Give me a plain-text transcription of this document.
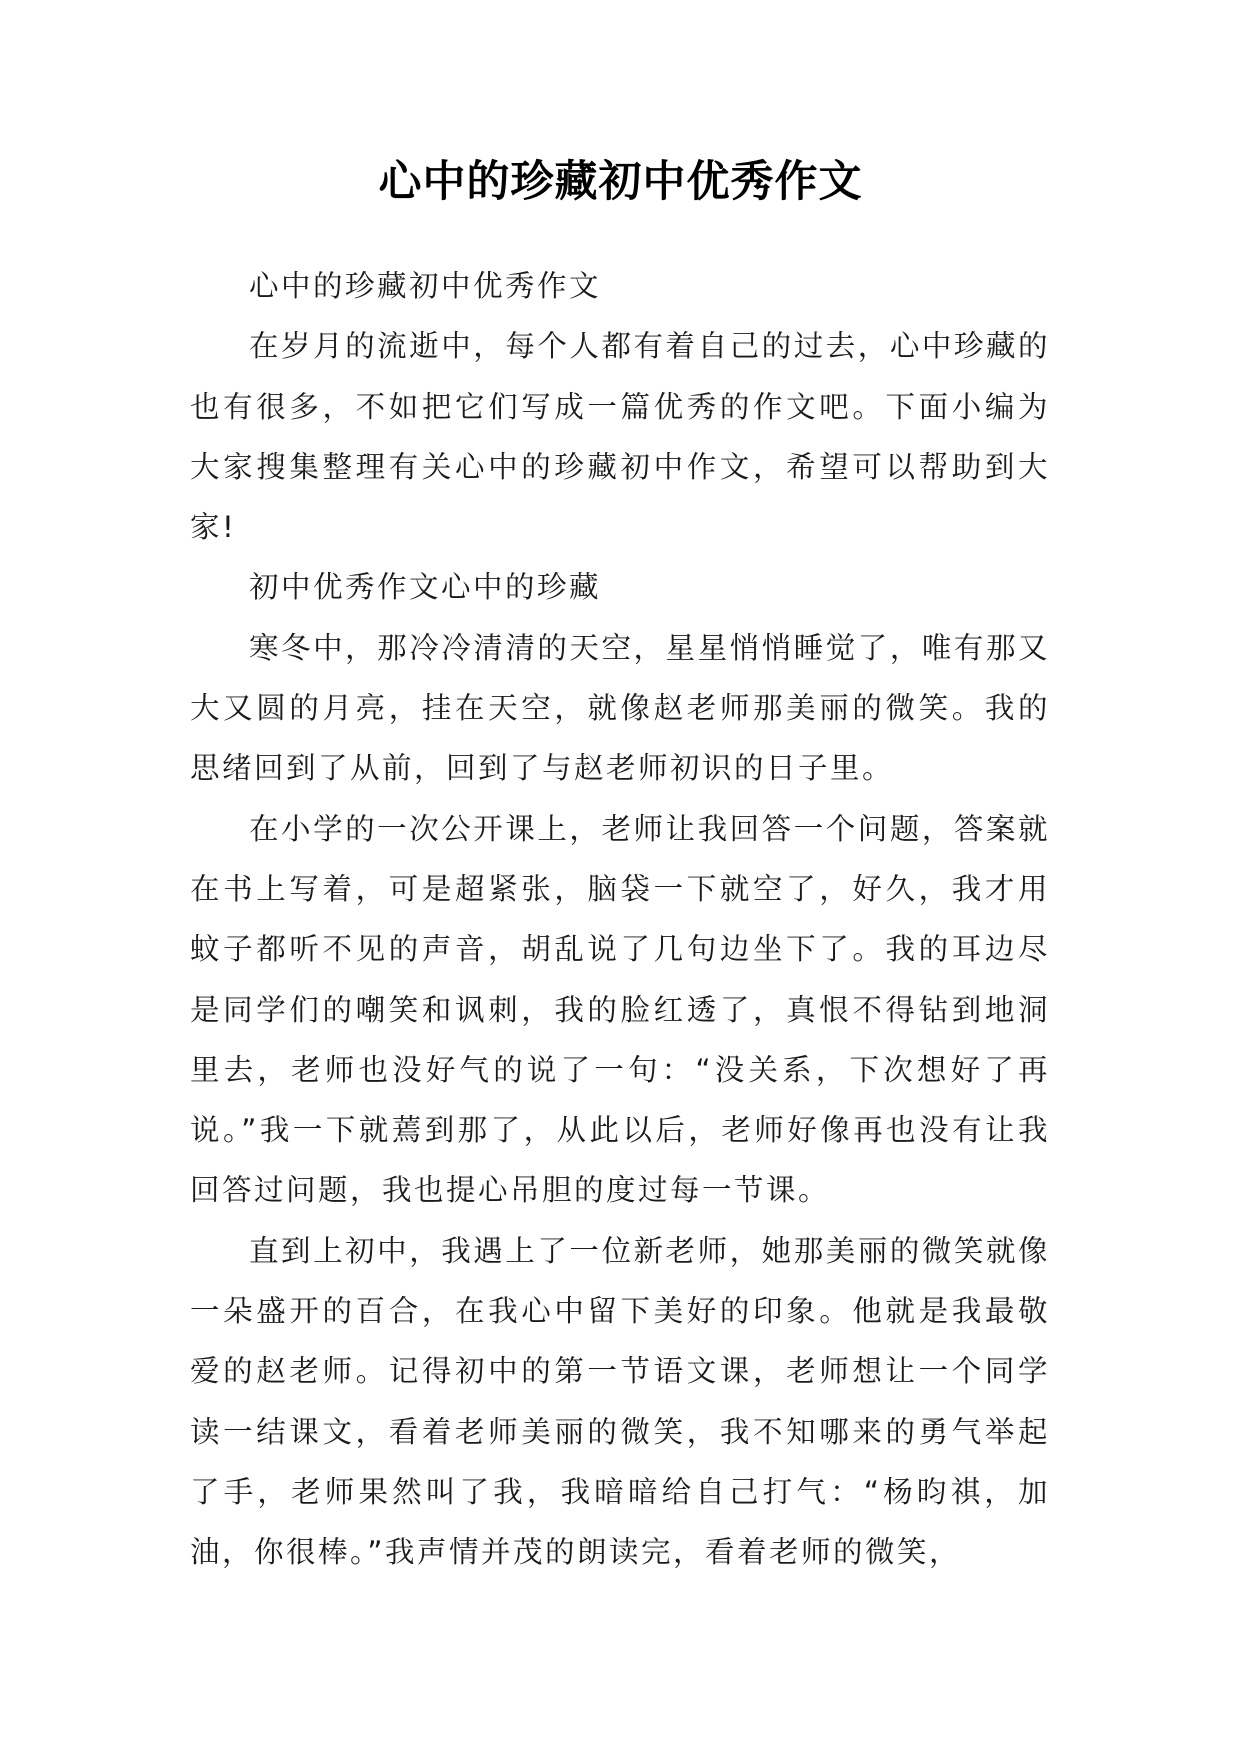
心中的珍藏初中优秀作文

心中的珍藏初中优秀作文

在岁月的流逝中，每个人都有着自己的过去，心中珍藏的也有很多，不如把它们写成一篇优秀的作文吧。下面小编为大家搜集整理有关心中的珍藏初中作文，希望可以帮助到大家!

初中优秀作文心中的珍藏

寒冬中，那冷冷清清的天空，星星悄悄睡觉了，唯有那又大又圆的月亮，挂在天空，就像赵老师那美丽的微笑。我的思绪回到了从前，回到了与赵老师初识的日子里。

在小学的一次公开课上，老师让我回答一个问题，答案就在书上写着，可是超紧张，脑袋一下就空了，好久，我才用蚊子都听不见的声音，胡乱说了几句边坐下了。我的耳边尽是同学们的嘲笑和讽刺，我的脸红透了，真恨不得钻到地洞里去，老师也没好气的说了一句：“没关系，下次想好了再说。”我一下就蔫到那了，从此以后，老师好像再也没有让我回答过问题，我也提心吊胆的度过每一节课。

直到上初中，我遇上了一位新老师，她那美丽的微笑就像一朵盛开的百合，在我心中留下美好的印象。他就是我最敬爱的赵老师。记得初中的第一节语文课，老师想让一个同学读一结课文，看着老师美丽的微笑，我不知哪来的勇气举起了手，老师果然叫了我，我暗暗给自己打气：“杨昀祺，加油，你很棒。”我声情并茂的朗读完，看着老师的微笑，
